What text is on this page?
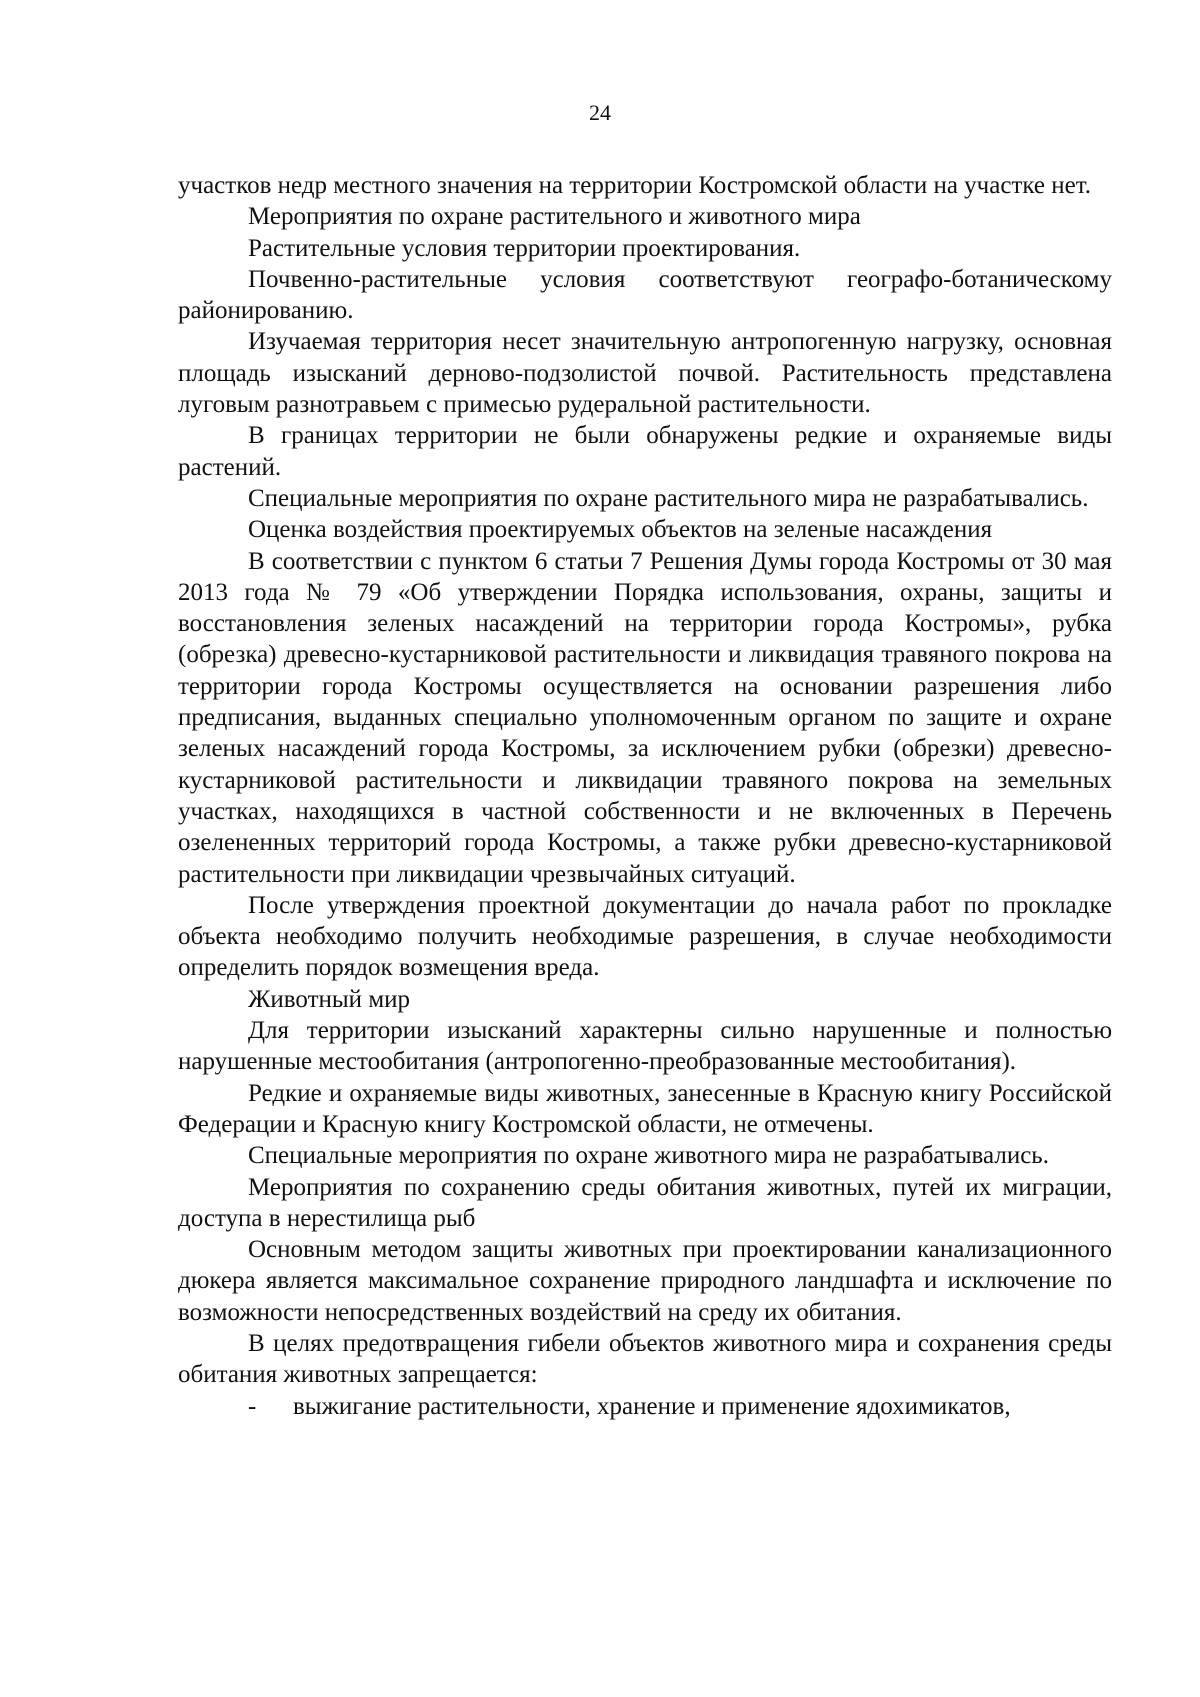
24

участков недр местного значения на территории Костромской области на участке нет.

Мероприятия по охране растительного и животного мира

Растительные условия территории проектирования.

Почвенно-растительные условия соответствуют географо-ботаническому районированию.

Изучаемая территория несет значительную антропогенную нагрузку, основная площадь изысканий дерново-подзолистой почвой. Растительность представлена луговым разнотравьем с примесью рудеральной растительности.

В границах территории не были обнаружены редкие и охраняемые виды растений.

Специальные мероприятия по охране растительного мира не разрабатывались.

Оценка воздействия проектируемых объектов на зеленые насаждения

В соответствии с пунктом 6 статьи 7 Решения Думы города Костромы от 30 мая 2013 года № 79 «Об утверждении Порядка использования, охраны, защиты и восстановления зеленых насаждений на территории города Костромы», рубка (обрезка) древесно-кустарниковой растительности и ликвидация травяного покрова на территории города Костромы осуществляется на основании разрешения либо предписания, выданных специально уполномоченным органом по защите и охране зеленых насаждений города Костромы, за исключением рубки (обрезки) древесно-кустарниковой растительности и ликвидации травяного покрова на земельных участках, находящихся в частной собственности и не включенных в Перечень озелененных территорий города Костромы, а также рубки древесно-кустарниковой растительности при ликвидации чрезвычайных ситуаций.

После утверждения проектной документации до начала работ по прокладке объекта необходимо получить необходимые разрешения, в случае необходимости определить порядок возмещения вреда.

Животный мир

Для территории изысканий характерны сильно нарушенные и полностью нарушенные местообитания (антропогенно-преобразованные местообитания).

Редкие и охраняемые виды животных, занесенные в Красную книгу Российской Федерации и Красную книгу Костромской области, не отмечены.

Специальные мероприятия по охране животного мира не разрабатывались.

Мероприятия по сохранению среды обитания животных, путей их миграции, доступа в нерестилища рыб

Основным методом защиты животных при проектировании канализационного дюкера является максимальное сохранение природного ландшафта и исключение по возможности непосредственных воздействий на среду их обитания.

В целях предотвращения гибели объектов животного мира и сохранения среды обитания животных запрещается:

- выжигание растительности, хранение и применение ядохимикатов,
